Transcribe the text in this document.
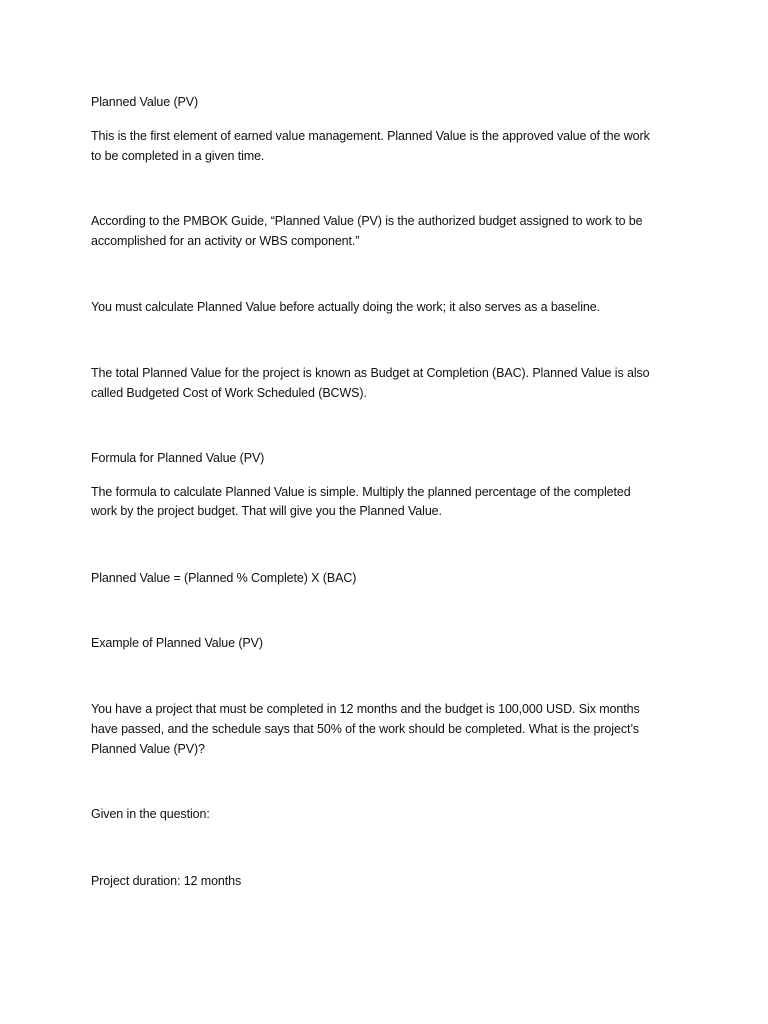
Planned Value (PV)

This is the first element of earned value management. Planned Value is the approved value of the work

to be completed in a given time.

According to the PMBOK Guide, “Planned Value (PV) is the authorized budget assigned to work to be

accomplished for an activity or WBS component.”

You must calculate Planned Value before actually doing the work; it also serves as a baseline.

The total Planned Value for the project is known as Budget at Completion (BAC). Planned Value is also

called Budgeted Cost of Work Scheduled (BCWS).

Formula for Planned Value (PV)

The formula to calculate Planned Value is simple. Multiply the planned percentage of the completed

work by the project budget. That will give you the Planned Value.

Planned Value = (Planned % Complete) X (BAC)

Example of Planned Value (PV)

You have a project that must be completed in 12 months and the budget is 100,000 USD. Six months

have passed, and the schedule says that 50% of the work should be completed. What is the project’s

Planned Value (PV)?

Given in the question:

Project duration: 12 months
